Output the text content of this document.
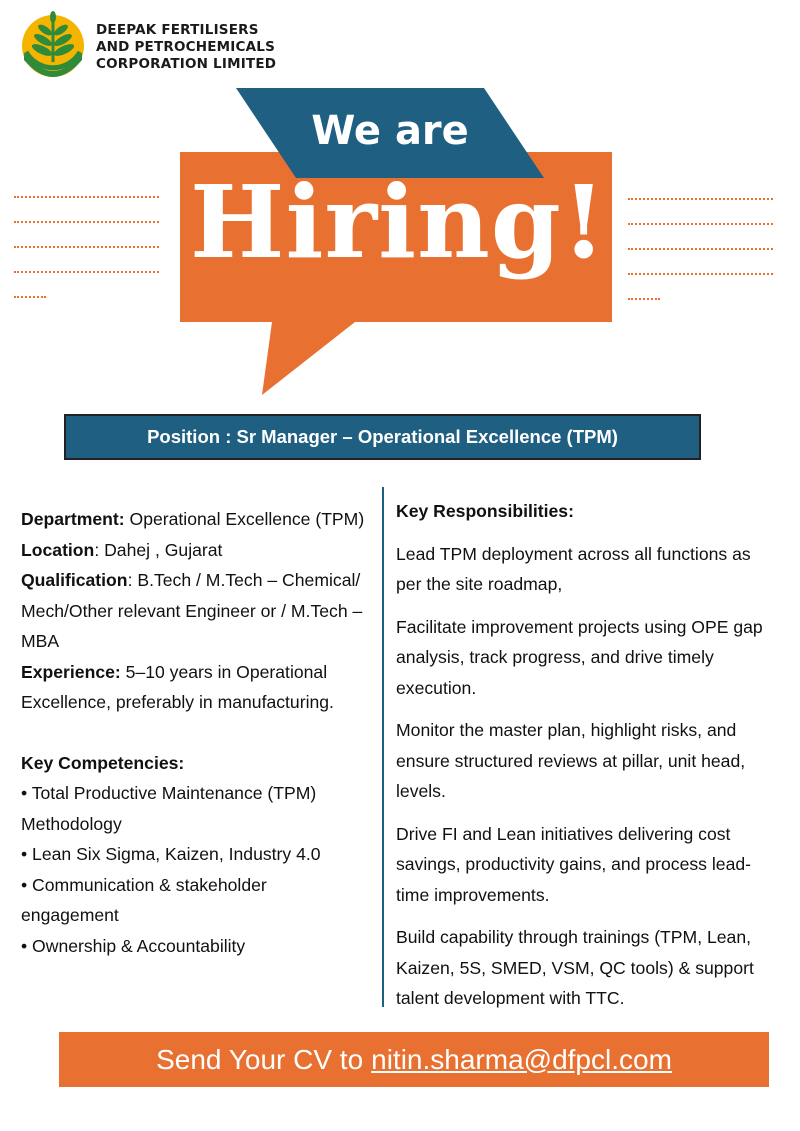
DEEPAK FERTILISERS
AND PETROCHEMICALS
CORPORATION LIMITED
We are
Hiring!
Position : Sr Manager – Operational Excellence (TPM)
Department: Operational Excellence (TPM)
Location: Dahej , Gujarat
Qualification: B.Tech / M.Tech – Chemical/ Mech/Other relevant Engineer or / M.Tech – MBA
Experience: 5–10 years in Operational Excellence, preferably in manufacturing.
Key Competencies:
• Total Productive Maintenance (TPM) Methodology
• Lean Six Sigma, Kaizen, Industry 4.0
• Communication & stakeholder engagement
• Ownership & Accountability
Key Responsibilities:

Lead TPM deployment across all functions as per the site roadmap,

Facilitate improvement projects using OPE gap analysis, track progress, and drive timely execution.

Monitor the master plan, highlight risks, and ensure structured reviews at pillar, unit head, levels.

Drive FI and Lean initiatives delivering cost savings, productivity gains, and process lead-time improvements.

Build capability through trainings (TPM, Lean, Kaizen, 5S, SMED, VSM, QC tools) & support talent development with TTC.

Send Your CV to nitin.sharma@dfpcl.com
